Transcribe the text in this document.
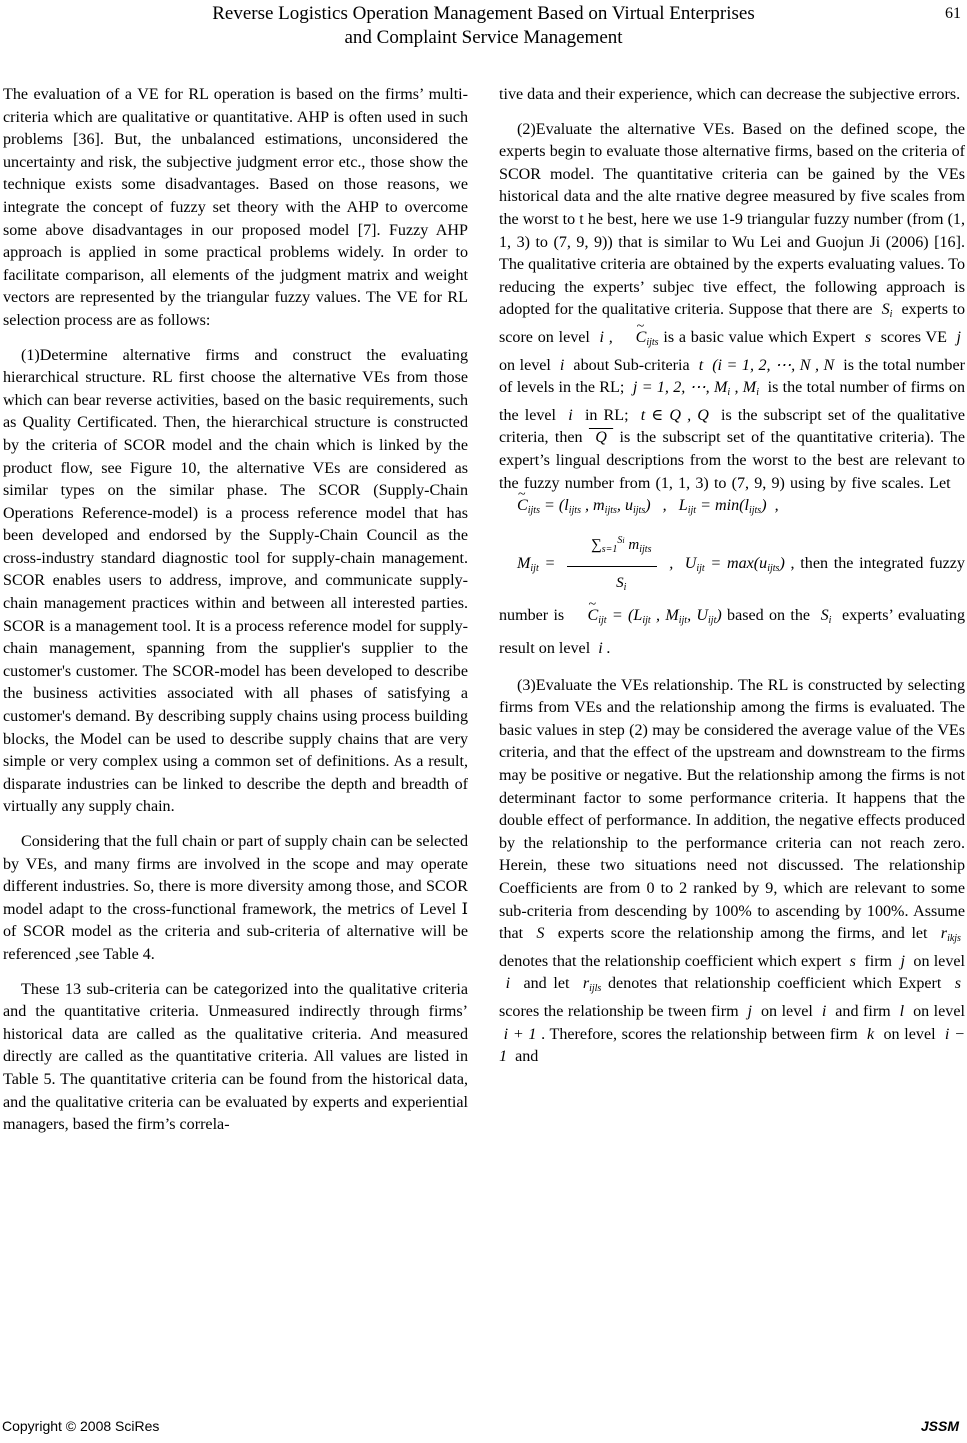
Reverse Logistics Operation Management Based on Virtual Enterprises
and Complaint Service Management
61

The evaluation of a VE for RL operation is based on the firms’ multi-criteria which are qualitative or quantitative. AHP is often used in such problems [36]. But, the unbalanced estimations, unconsidered the uncertainty and risk, the subjective judgment error etc., those show the technique exists some disadvantages. Based on those reasons, we integrate the concept of fuzzy set theory with the AHP to overcome some above disadvantages in our proposed model [7]. Fuzzy AHP approach is applied in some practical problems widely. In order to facilitate comparison, all elements of the judgment matrix and weight vectors are represented by the triangular fuzzy values. The VE for RL selection process are as follows:

(1)Determine alternative firms and construct the evaluating hierarchical structure. RL first choose the alternative VEs from those which can bear reverse activities, based on the basic requirements, such as Quality Certificated. Then, the hierarchical structure is constructed by the criteria of SCOR model and the chain which is linked by the product flow, see Figure 10, the alternative VEs are considered as similar types on the similar phase. The SCOR (Supply-Chain Operations Reference-model) is a process reference model that has been developed and endorsed by the Supply-Chain Council as the cross-industry standard diagnostic tool for supply-chain management. SCOR enables users to address, improve, and communicate supply-chain management practices within and between all interested parties. SCOR is a management tool. It is a process reference model for supply-chain management, spanning from the supplier's supplier to the customer's customer. The SCOR-model has been developed to describe the business activities associated with all phases of satisfying a customer's demand. By describing supply chains using process building blocks, the Model can be used to describe supply chains that are very simple or very complex using a common set of definitions. As a result, disparate industries can be linked to describe the depth and breadth of virtually any supply chain.

Considering that the full chain or part of supply chain can be selected by VEs, and many firms are involved in the scope and may operate different industries. So, there is more diversity among those, and SCOR model adapt to the cross-functional framework, the metrics of Level Ⅰ of SCOR model as the criteria and sub-criteria of alternative will be referenced ,see Table 4.

These 13 sub-criteria can be categorized into the qualitative criteria and the quantitative criteria. Unmeasured indirectly through firms’ historical data are called as the qualitative criteria. And measured directly are called as the quantitative criteria. All values are listed in Table 5. The quantitative criteria can be found from the historical data, and the qualitative criteria can be evaluated by experts and experiential managers, based the firm’s correla-

tive data and their experience, which can decrease the subjective errors.

(2)Evaluate the alternative VEs. Based on the defined scope, the experts begin to evaluate those alternative firms, based on the criteria of SCOR model. The quantitative criteria can be gained by the VEs historical data and the alte rnative degree measured by five scales from the worst to t he best, here we use 1-9 triangular fuzzy number (from (1, 1, 3) to (7, 9, 9)) that is similar to Wu Lei and Guojun Ji (2006) [16]. The qualitative criteria are obtained by the experts evaluating values. To reducing the experts’ subjec tive effect, the following approach is adopted for the qualitative criteria. Suppose that there are  $S_i$ experts to score on level  i , ~ $C_{ijts}$ is a basic value which Expert  s  scores VE  j  on level  i  about Sub-criteria  t  (i = 1, 2, ⋯, N , N  is the total number of levels in the RL;  j = 1, 2, ⋯, $M_i$ , $M_i$ is the total number of firms on the level  i  in RL;  t ∈ Q , Q  is the subscript set of the qualitative criteria, then  Q  is the subscript set of the quantitative criteria). The expert’s lingual descriptions from the worst to the best are relevant to the fuzzy number from (1, 1, 3) to (7, 9, 9) using by five scales. Let   ~ $C_{ijts} = (l_{ijts}$ , $m_{ijts}$, $u_{ijts}$)   ,   $L_{ijt} = \min(l_{ijts})$  ,
$M_{ijt} = \frac{\sum_{s=1}^{Si} m_{ijts}}{S_i}$ ,  $U_{ijt} = \max(u_{ijts})$ , then the integrated fuzzy number is ~ $C_{ijt} = (L_{ijt}$ , $M_{ijt}$, $U_{ijt}$) based on the  $S_i$ experts’ evaluating result on level  i .

(3)Evaluate the VEs relationship. The RL is constructed by selecting firms from VEs and the relationship among the firms is evaluated. The basic values in step (2) may be considered the average value of the VEs criteria, and that the effect of the upstream and downstream to the firms may be positive or negative. But the relationship among the firms is not determinant factor to some performance criteria. It happens that the double effect of performance. In addition, the negative effects produced by the relationship to the performance criteria can not reach zero. Herein, these two situations need not discussed. The relationship Coefficients are from 0 to 2 ranked by 9, which are relevant to some sub-criteria from descending by 100% to ascending by 100%. Assume that  S  experts score the relationship among the firms, and let  $r_{ikjs}$  denotes that the relationship coefficient which expert  s  firm  j  on level  i  and let  $r_{ijls}$ denotes that relationship coefficient which Expert  s  scores the relationship be tween firm  j  on level  i  and firm  l  on level  i + 1 . Therefore, scores the relationship between firm  k  on level  i − 1  and

Copyright © 2008 SciRes	JSSM
